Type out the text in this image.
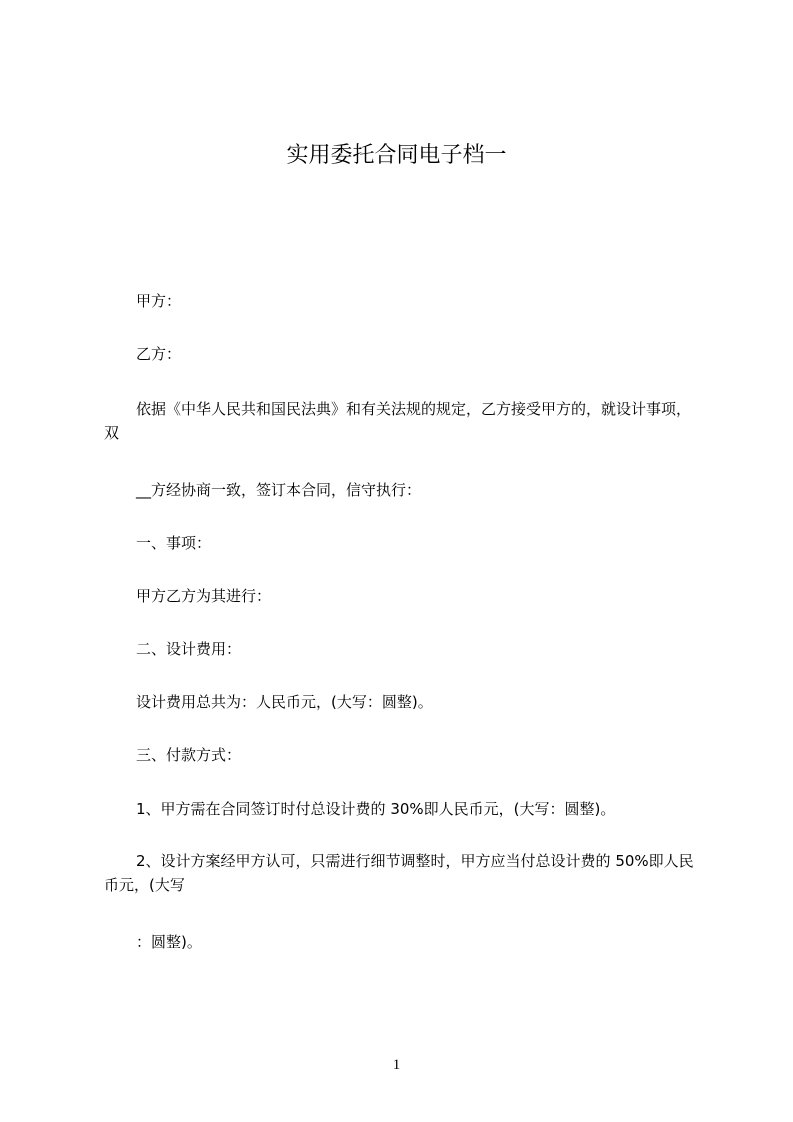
实用委托合同电子档一
甲方：
乙方：
依据《中华人民共和国民法典》和有关法规的规定，乙方接受甲方的，就设计事项，双
__方经协商一致，签订本合同，信守执行：
一、事项：
甲方乙方为其进行：
二、设计费用：
设计费用总共为：人民币元，(大写：圆整)。
三、付款方式：
1、甲方需在合同签订时付总设计费的 30%即人民币元，(大写：圆整)。
2、设计方案经甲方认可，只需进行细节调整时，甲方应当付总设计费的 50%即人民币元，(大写
：圆整)。
1
